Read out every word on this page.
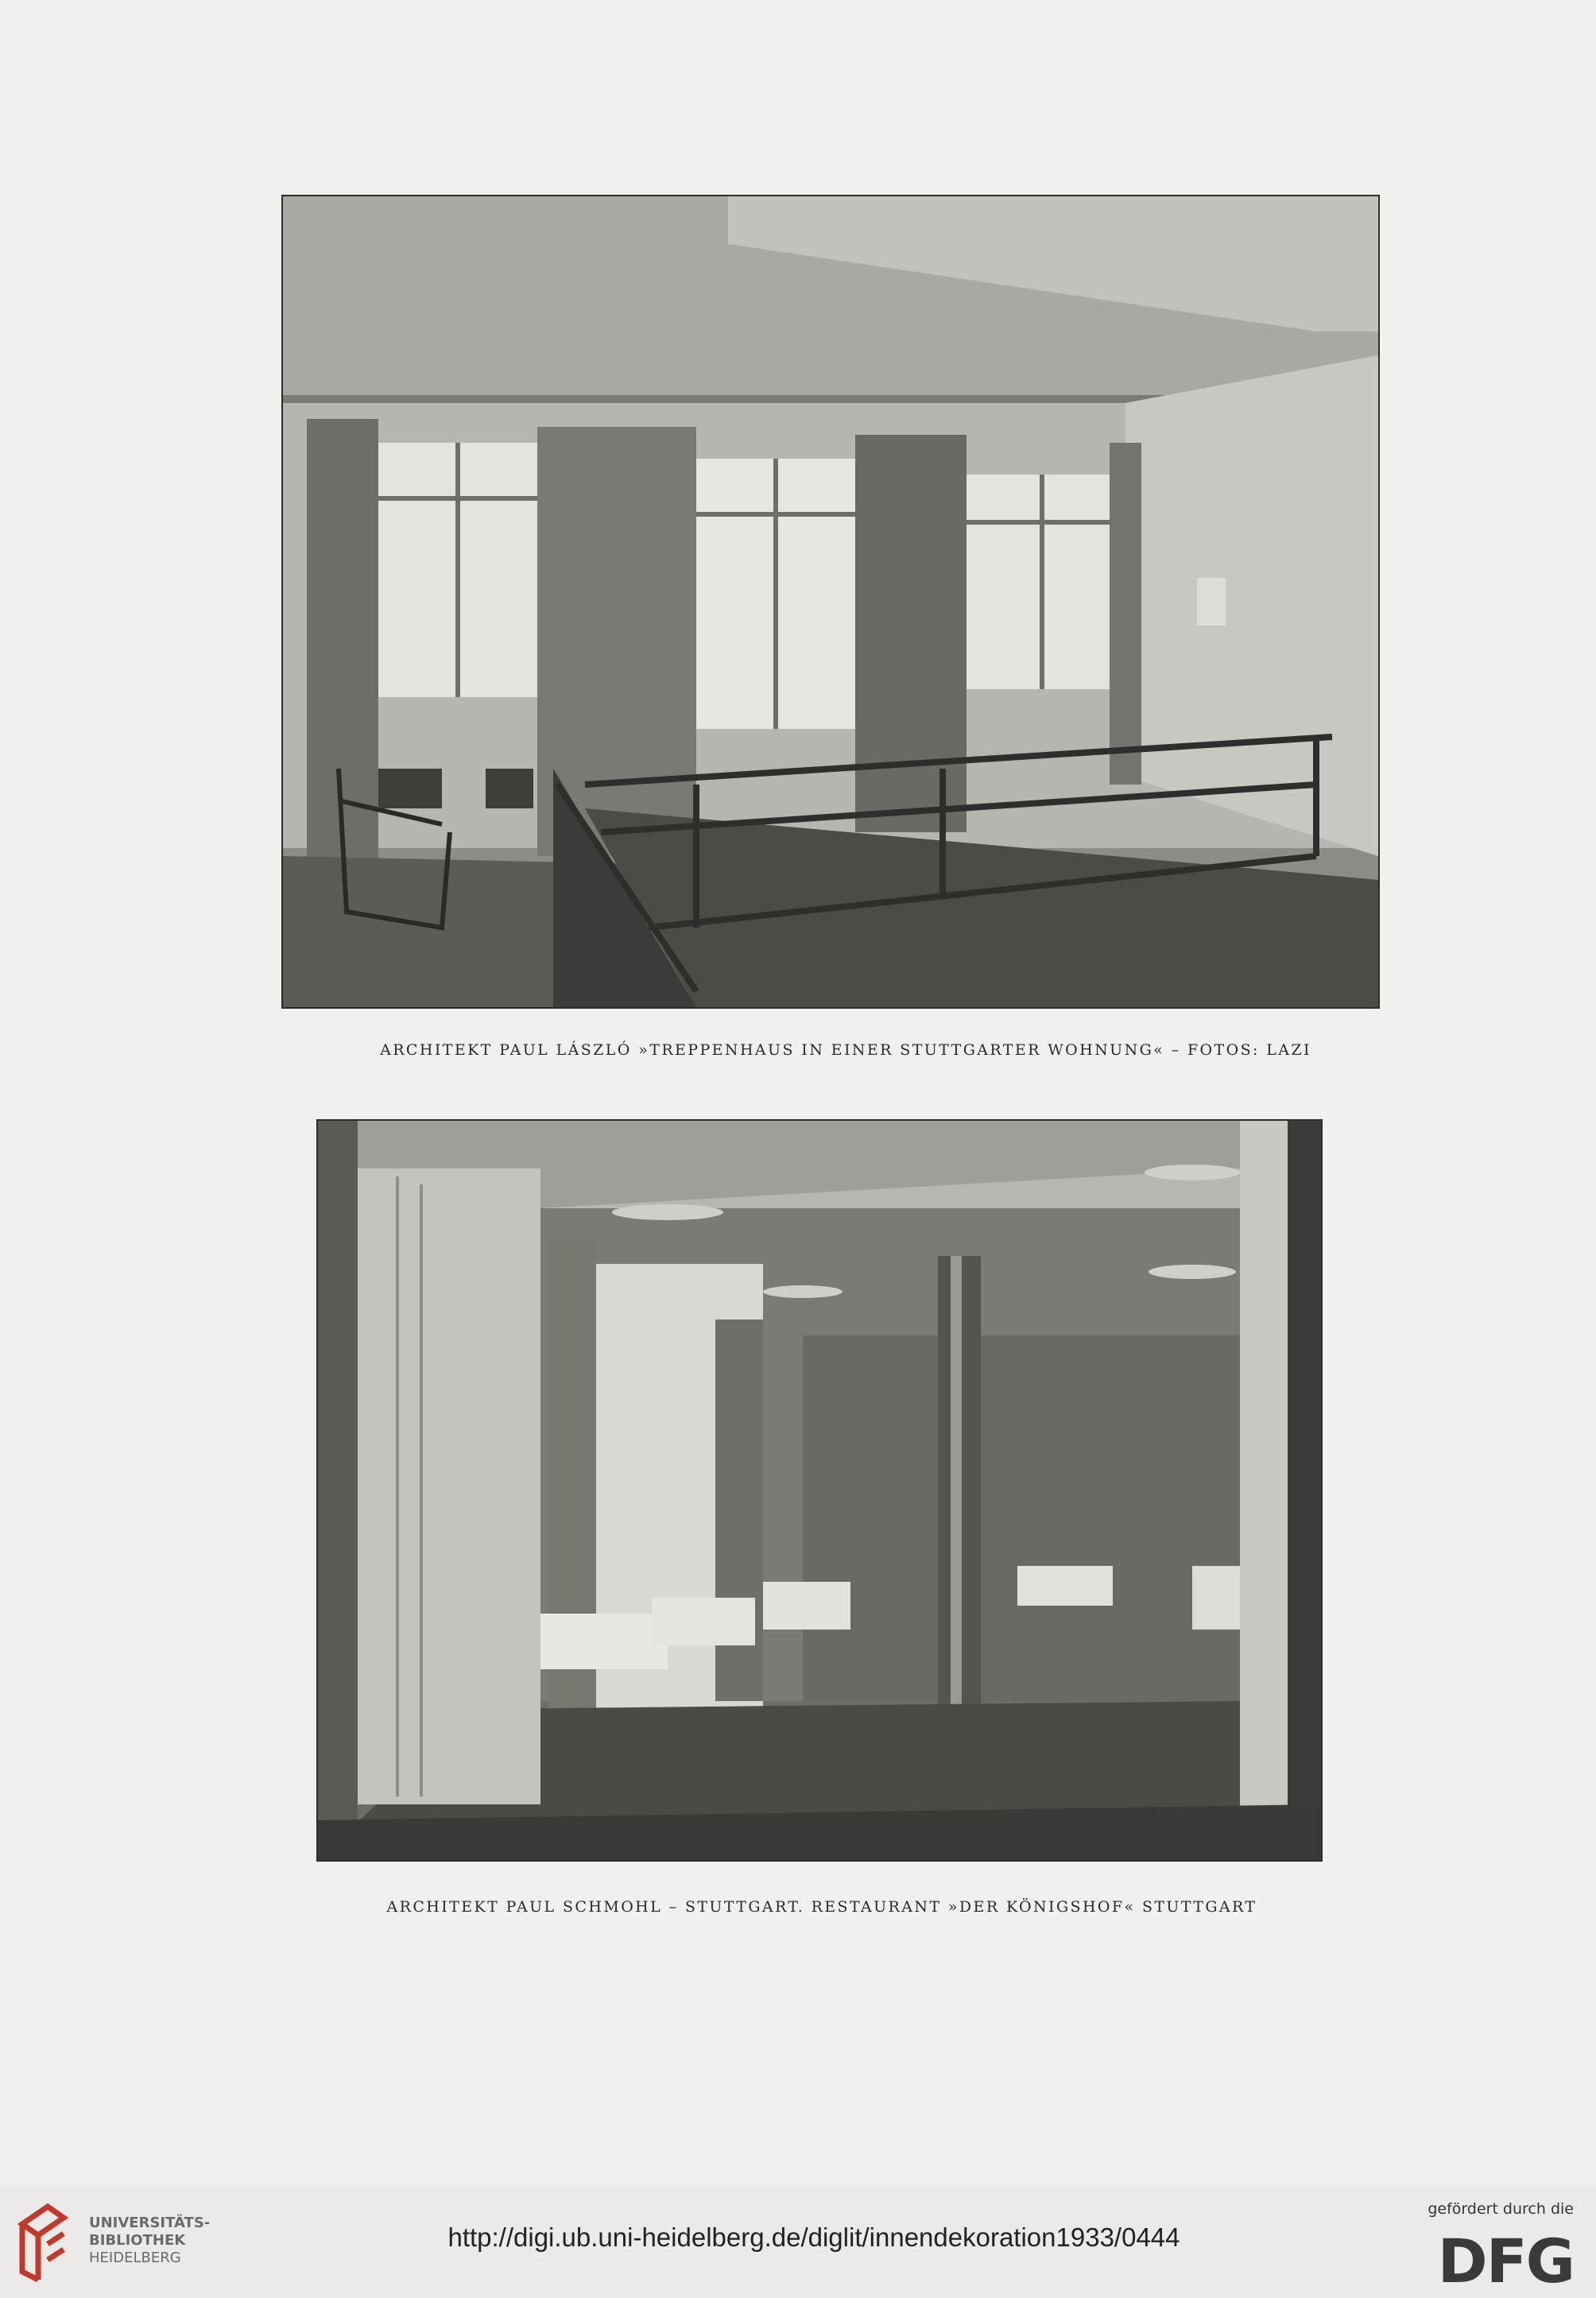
ARCHITEKT PAUL LÁSZLÓ »TREPPENHAUS IN EINER STUTTGARTER WOHNUNG« – FOTOS: LAZI
ARCHITEKT PAUL SCHMOHL – STUTTGART. RESTAURANT »DER KÖNIGSHOF« STUTTGART
UNIVERSITÄTS-
BIBLIOTHEK
HEIDELBERG
http://digi.ub.uni-heidelberg.de/diglit/innendekoration1933/0444
gefördert durch die
DFG
